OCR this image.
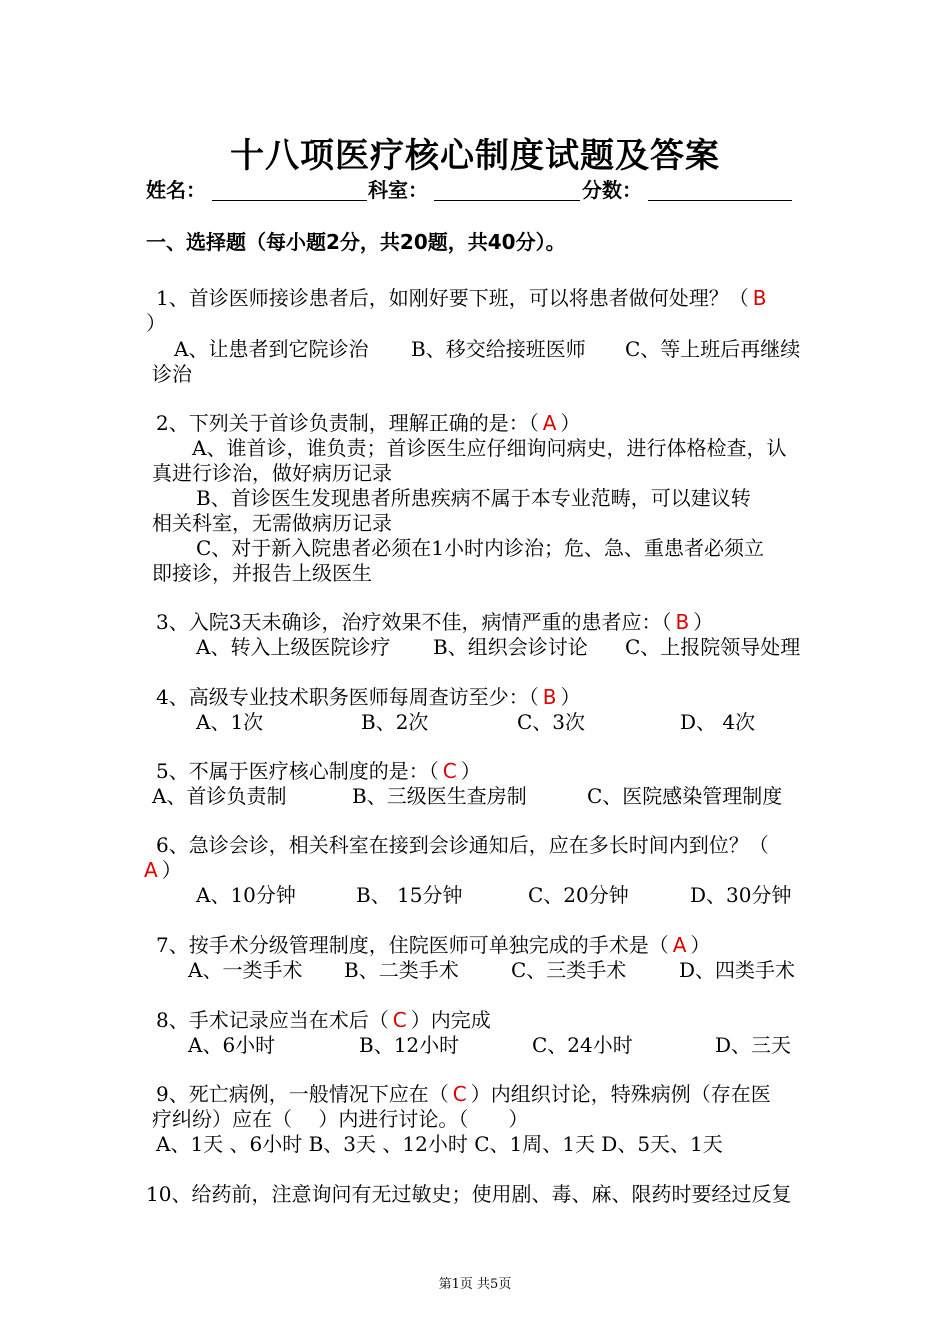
十八项医疗核心制度试题及答案
姓名：	科室：	分数：
一、选择题（每小题2分，共20题，共40分）。
1、首诊医师接诊患者后，如刚好要下班，可以将患者做何处理？（ B
）
A、让患者到它院诊治 B、移交给接班医师 C、等上班后再继续
诊治
2、下列关于首诊负责制，理解正确的是：（ A ）
A、谁首诊，谁负责；首诊医生应仔细询问病史，进行体格检查，认
真进行诊治，做好病历记录
B、首诊医生发现患者所患疾病不属于本专业范畴，可以建议转
相关科室，无需做病历记录
C、对于新入院患者必须在1小时内诊治；危、急、重患者必须立
即接诊，并报告上级医生
3、入院3天未确诊，治疗效果不佳，病情严重的患者应：（ B ）
A、转入上级医院诊疗 B、组织会诊讨论 C、上报院领导处理
4、高级专业技术职务医师每周查访至少：（ B ）
A、1次	B、2次	C、3次	D、 4次
5、不属于医疗核心制度的是：（ C ）
A、首诊负责制	B、三级医生查房制	C、医院感染管理制度
6、急诊会诊，相关科室在接到会诊通知后，应在多长时间内到位？（
A ）
A、10分钟	B、 15分钟	C、20分钟	D、30分钟
7、按手术分级管理制度，住院医师可单独完成的手术是（ A ）
A、一类手术 B、二类手术	C、三类手术	D、四类手术
8、手术记录应当在术后（ C ）内完成
A、6小时	B、12小时	C、24小时	D、三天
9、死亡病例，一般情况下应在（ C ）内组织讨论，特殊病例（存在医
疗纠纷）应在（　 ）内进行讨论。（　　）
A、1天 、6小时 B、3天 、12小时 C、1周、1天 D、5天、1天
10、给药前，注意询问有无过敏史；使用剧、毒、麻、限药时要经过反复
第1页 共5页
